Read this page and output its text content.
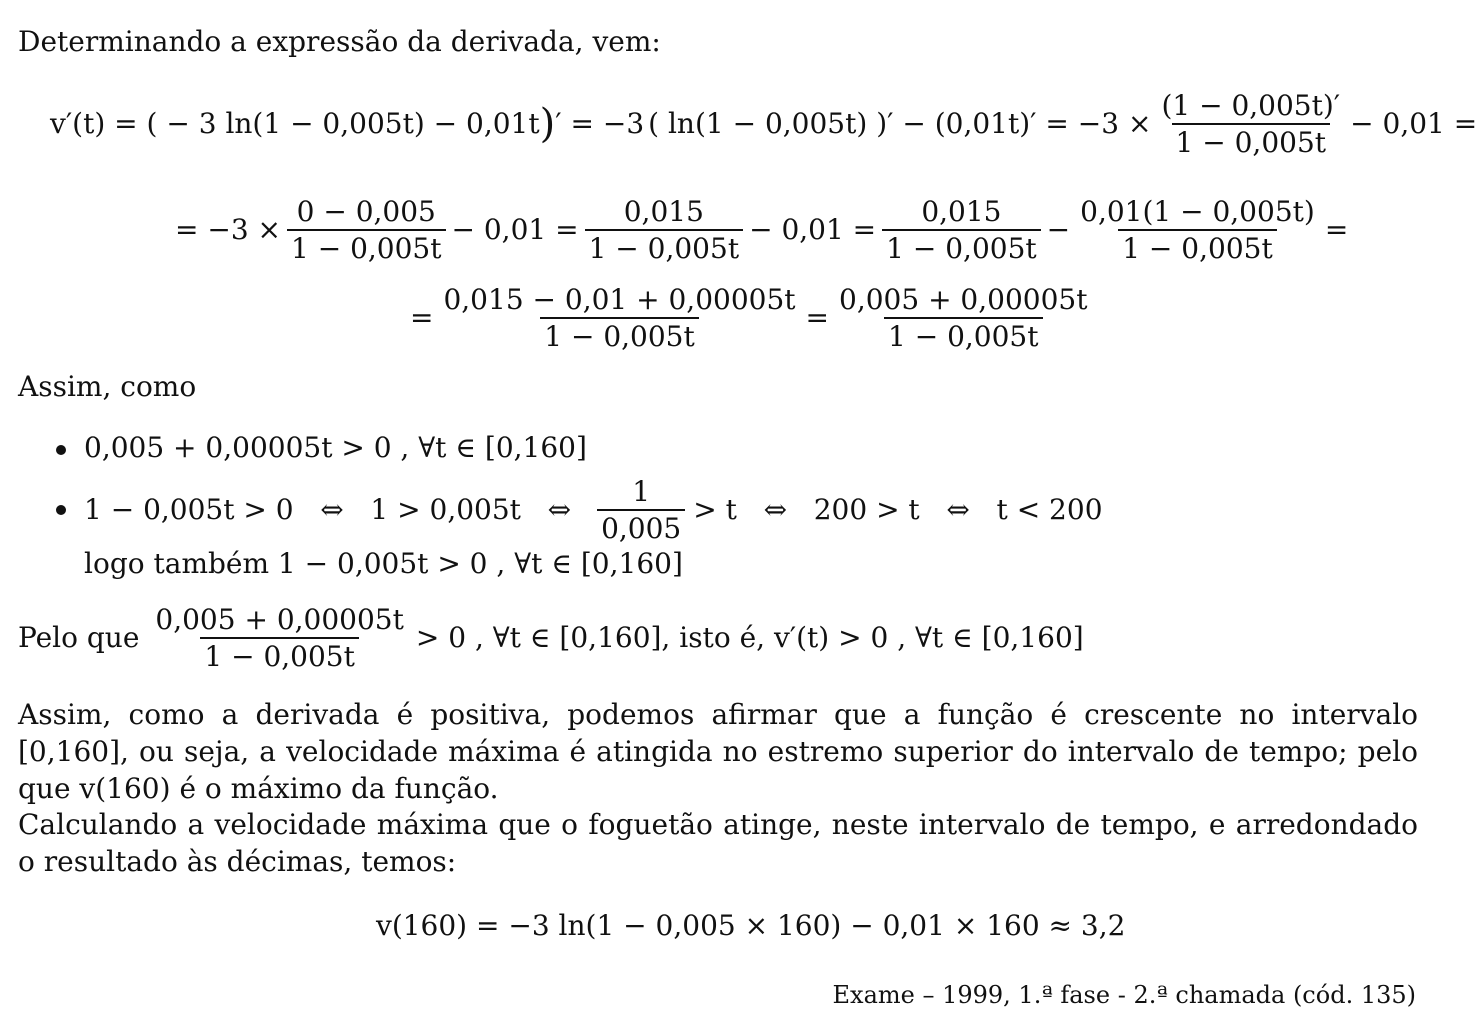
Determinando a expressão da derivada, vem:
v′(t) = ( − 3 ln(1 − 0,005t) − 0,01t ) ′ = −3 ( ln(1 − 0,005t) )′ − $(0,01t)' = -3 \times \frac{(1 - 0,005t)'}{1 - 0,005t} - 0,01$ =
= $-3 \times \frac{0 - 0,005}{1 - 0,005t} - 0,01 = \frac{0,015}{1 - 0,005t} - 0,01 = \frac{0,015}{1 - 0,005t} - \frac{0,01(1 - 0,005t)}{1 - 0,005t}$ =
= $\frac{0,015 - 0,01 + 0,00005t}{1 - 0,005t} = \frac{0,005 + 0,00005t}{1 - 0,005t}$
Assim, como
0,005 + 0,00005t > 0 , ∀t ∈ [0,160]
1 − 0,005t > 0   ⇔   1 > 0,005t   ⇔ $\frac{1}{0,005} > t$   ⇔   200 > t   ⇔   t < 200
logo também 1 − 0,005t > 0 , ∀t ∈ [0,160]
Pelo que $\frac{0,005 + 0,00005t}{1 - 0,005t} > 0$ , ∀t ∈ [0,160], isto é, v′(t) > 0 , ∀t ∈ [0,160]
Assim, como a derivada é positiva, podemos afirmar que a função é crescente no intervalo [0,160], ou seja, a velocidade máxima é atingida no estremo superior do intervalo de tempo; pelo que v(160) é o máximo da função.
Calculando a velocidade máxima que o foguetão atinge, neste intervalo de tempo, e arredondado o resultado às décimas, temos:
v(160) = −3 ln(1 − 0,005 × 160) − 0,01 × 160 ≈ 3,2
Exame – 1999, 1.ª fase - 2.ª chamada (cód. 135)
